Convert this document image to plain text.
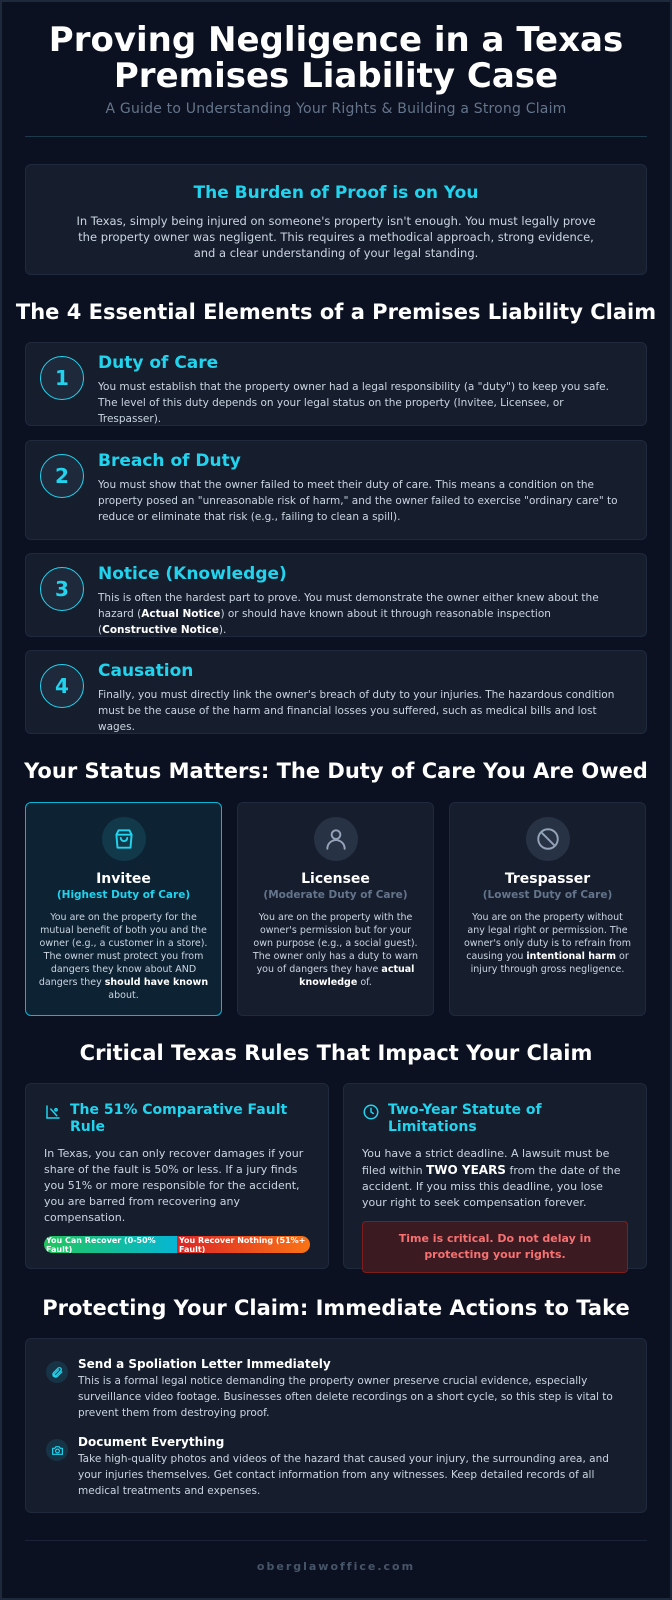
Proving Negligence in a Texas
Premises Liability Case
A Guide to Understanding Your Rights & Building a Strong Claim
The Burden of Proof is on You

In Texas, simply being injured on someone's property isn't enough. You must legally prove the property owner was negligent. This requires a methodical approach, strong evidence, and a clear understanding of your legal standing.

The 4 Essential Elements of a Premises Liability Claim
1
Duty of Care

You must establish that the property owner had a legal responsibility (a "duty") to keep you safe. The level of this duty depends on your legal status on the property (Invitee, Licensee, or Trespasser).

2
Breach of Duty

You must show that the owner failed to meet their duty of care. This means a condition on the property posed an "unreasonable risk of harm," and the owner failed to exercise "ordinary care" to reduce or eliminate that risk (e.g., failing to clean a spill).

3
Notice (Knowledge)

This is often the hardest part to prove. You must demonstrate the owner either knew about the hazard (Actual Notice) or should have known about it through reasonable inspection (Constructive Notice).

4
Causation

Finally, you must directly link the owner's breach of duty to your injuries. The hazardous condition must be the cause of the harm and financial losses you suffered, such as medical bills and lost wages.

Your Status Matters: The Duty of Care You Are Owed
Invitee
(Highest Duty of Care)

You are on the property for the mutual benefit of both you and the owner (e.g., a customer in a store). The owner must protect you from dangers they know about AND dangers they should have known about.

Licensee
(Moderate Duty of Care)

You are on the property with the owner's permission but for your own purpose (e.g., a social guest). The owner only has a duty to warn you of dangers they have actual knowledge of.

Trespasser
(Lowest Duty of Care)

You are on the property without any legal right or permission. The owner's only duty is to refrain from causing you intentional harm or injury through gross negligence.

Critical Texas Rules That Impact Your Claim
The 51% Comparative Fault Rule

In Texas, you can only recover damages if your share of the fault is 50% or less. If a jury finds you 51% or more responsible for the accident, you are barred from recovering any compensation.

You Can Recover (0-50% Fault)
You Recover Nothing (51%+ Fault)
Two-Year Statute of Limitations

You have a strict deadline. A lawsuit must be filed within TWO YEARS from the date of the accident. If you miss this deadline, you lose your right to seek compensation forever.

Time is critical. Do not delay in protecting your rights.
Protecting Your Claim: Immediate Actions to Take
Send a Spoliation Letter Immediately

This is a formal legal notice demanding the property owner preserve crucial evidence, especially surveillance video footage. Businesses often delete recordings on a short cycle, so this step is vital to prevent them from destroying proof.

Document Everything

Take high-quality photos and videos of the hazard that caused your injury, the surrounding area, and your injuries themselves. Get contact information from any witnesses. Keep detailed records of all medical treatments and expenses.

oberglawoffice.com
